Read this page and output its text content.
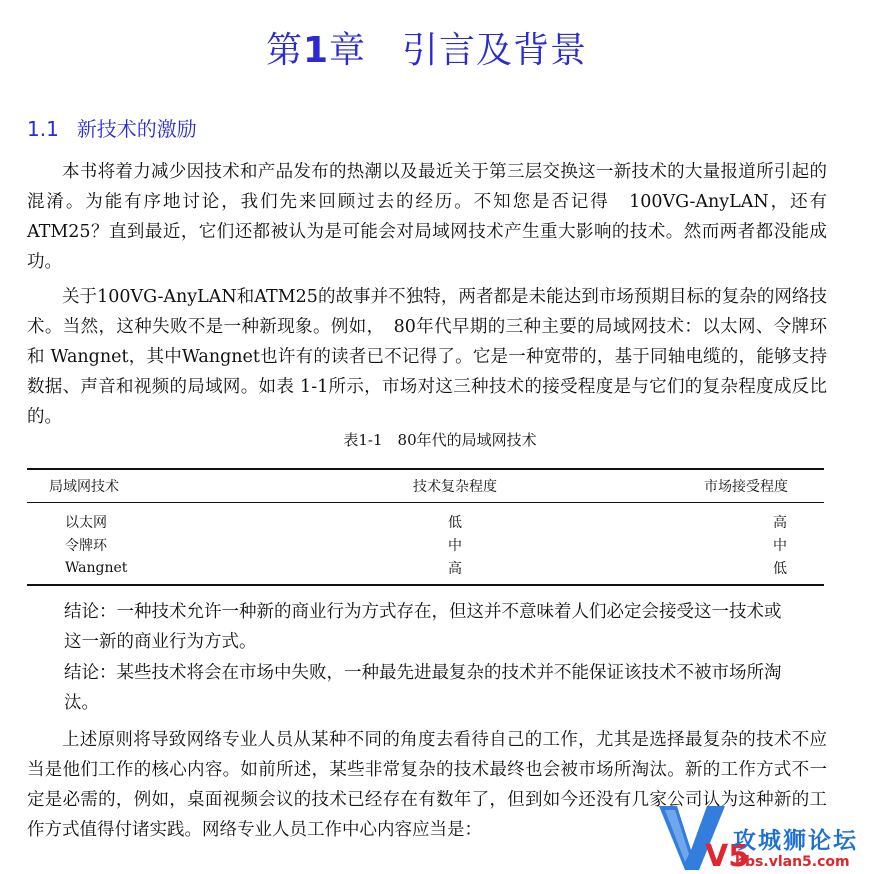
第1章 引言及背景
1.1 新技术的激励

本书将着力减少因技术和产品发布的热潮以及最近关于第三层交换这一新技术的大量报道所引起的混淆。为能有序地讨论，我们先来回顾过去的经历。不知您是否记得　100VG-AnyLAN，还有ATM25？直到最近，它们还都被认为是可能会对局域网技术产生重大影响的技术。然而两者都没能成功。

关于100VG-AnyLAN和ATM25的故事并不独特，两者都是未能达到市场预期目标的复杂的网络技术。当然，这种失败不是一种新现象。例如，　80年代早期的三种主要的局域网技术：以太网、令牌环和 Wangnet，其中Wangnet也许有的读者已不记得了。它是一种宽带的，基于同轴电缆的，能够支持数据、声音和视频的局域网。如表 1-1所示，市场对这三种技术的接受程度是与它们的复杂程度成反比的。

表1-1　80年代的局域网技术

局域网技术	技术复杂程度	市场接受程度
以太网	低	高
令牌环	中	中
Wangnet	高	低

结论：一种技术允许一种新的商业行为方式存在，但这并不意味着人们必定会接受这一技术或这一新的商业行为方式。

结论：某些技术将会在市场中失败，一种最先进最复杂的技术并不能保证该技术不被市场所淘汰。

上述原则将导致网络专业人员从某种不同的角度去看待自己的工作，尤其是选择最复杂的技术不应当是他们工作的核心内容。如前所述，某些非常复杂的技术最终也会被市场所淘汰。新的工作方式不一定是必需的，例如，桌面视频会议的技术已经存在有数年了，但到如今还没有几家公司认为这种新的工作方式值得付诸实践。网络专业人员工作中心内容应当是：

V5
攻城狮论坛
bbs.vlan5.com
